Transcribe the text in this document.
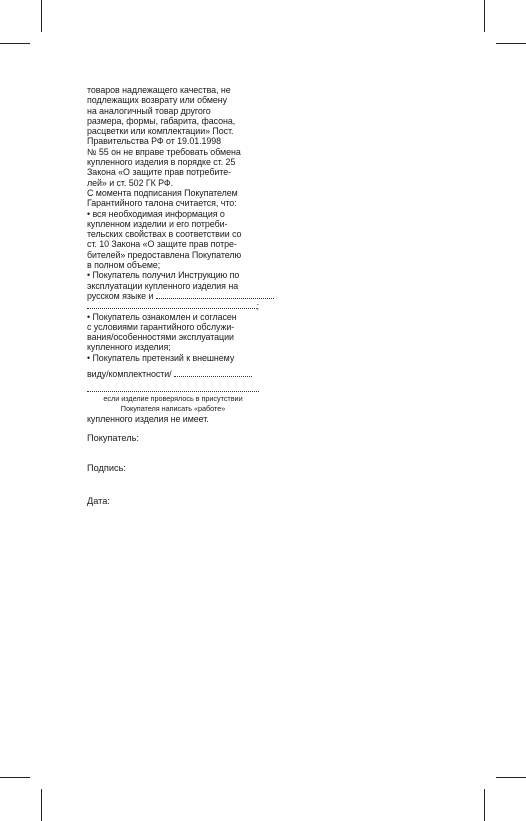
товаров надлежащего качества, не
подлежащих возврату или обмену
на аналогичный товар другого
размера, формы, габарита, фасона,
расцветки или комплектации» Пост.
Правительства РФ от 19.01.1998
№ 55 он не вправе требовать обмена
купленного изделия в порядке ст. 25
Закона «О защите прав потребите-
лей» и ст. 502 ГК РФ.
С момента подписания Покупателем
Гарантийного талона считается, что:
• вся необходимая информация о
купленном изделии и его потреби-
тельских свойствах в соответствии со
ст. 10 Закона «О защите прав потре-
бителей» предоставлена Покупателю
в полном объеме;
• Покупатель получил Инструкцию по
эксплуатации купленного изделия на
русском языке и
;
• Покупатель ознакомлен и согласен
с условиями гарантийного обслужи-
вания/особенностями эксплуатации
купленного изделия;
• Покупатель претензий к внешнему
виду/комплектности/
если изделие проверялось в присутствии
Покупателя написать «работе»
купленного изделия не имеет.
Покупатель:
Подпись:
Дата:
